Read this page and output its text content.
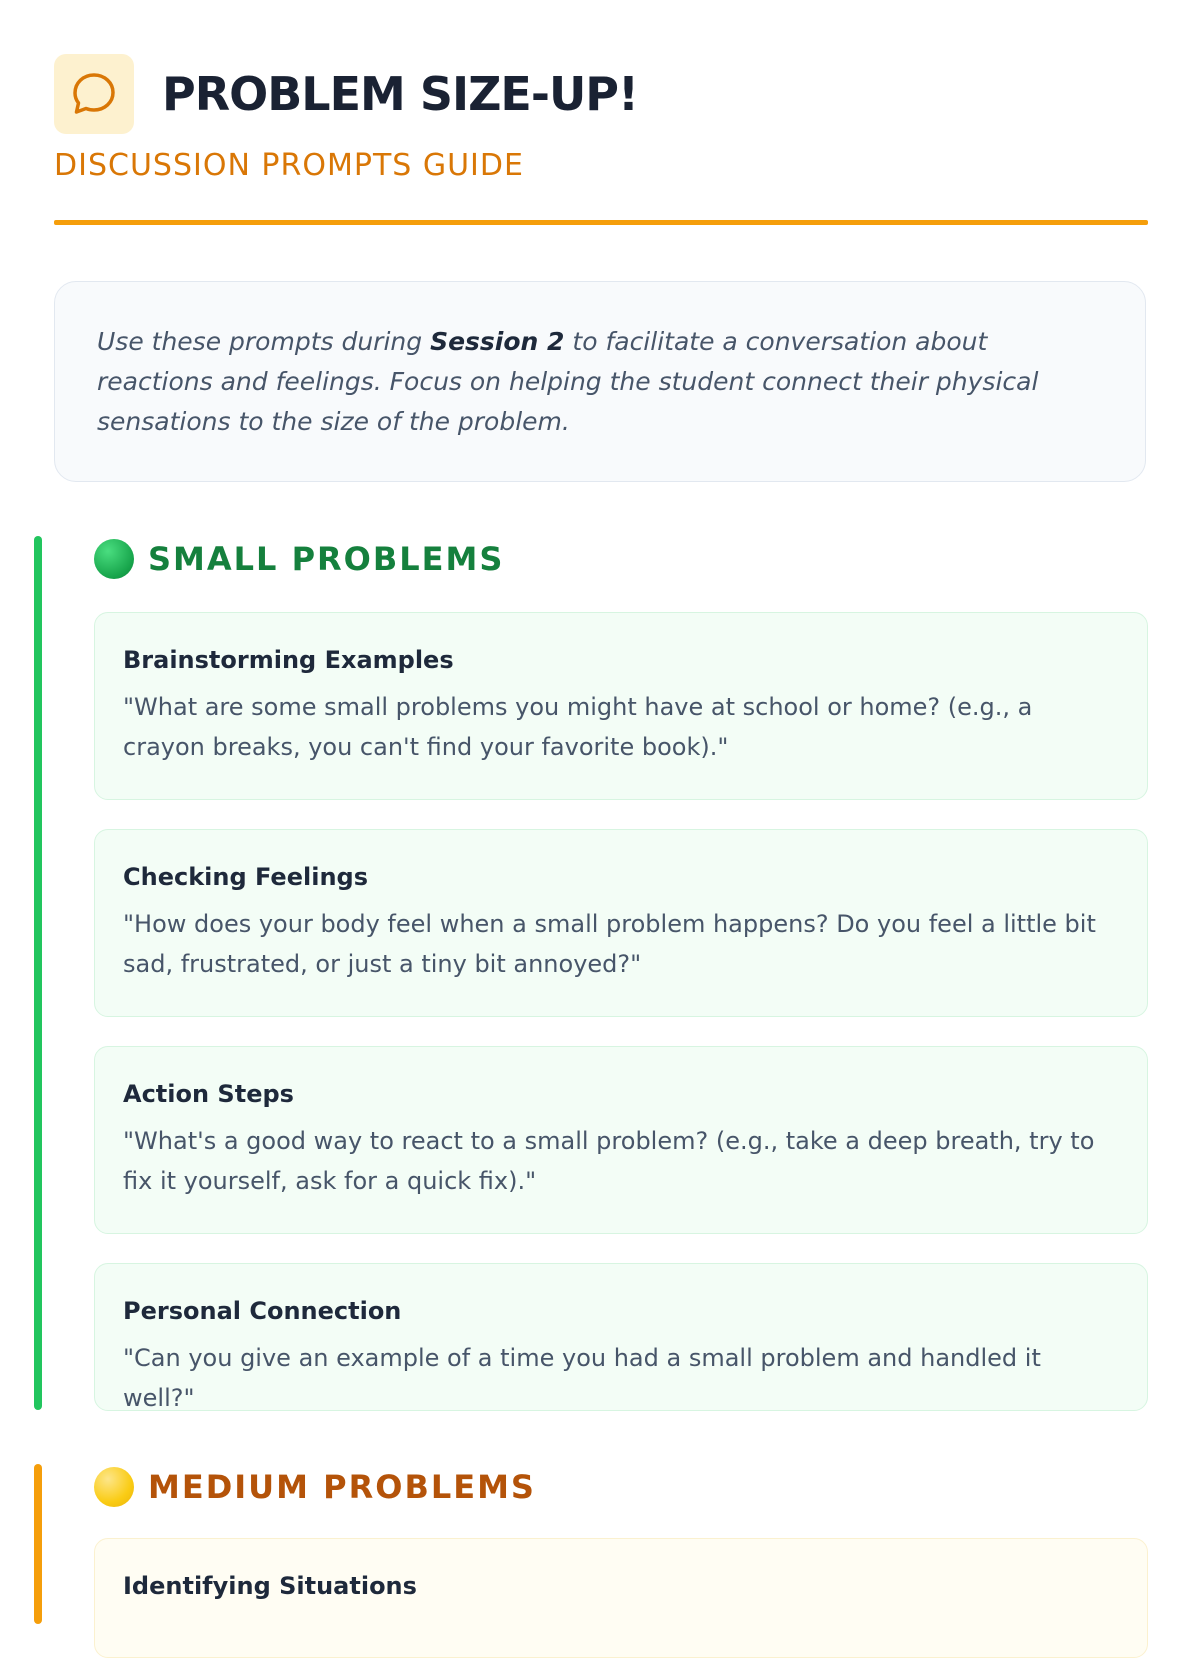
PROBLEM SIZE-UP!
DISCUSSION PROMPTS GUIDE
Use these prompts during Session 2 to facilitate a conversation about reactions and feelings. Focus on helping the student connect their physical sensations to the size of the problem.
SMALL PROBLEMS
Brainstorming Examples
"What are some small problems you might have at school or home? (e.g., a crayon breaks, you can't find your favorite book)."
Checking Feelings
"How does your body feel when a small problem happens? Do you feel a little bit sad, frustrated, or just a tiny bit annoyed?"
Action Steps
"What's a good way to react to a small problem? (e.g., take a deep breath, try to fix it yourself, ask for a quick fix)."
Personal Connection
"Can you give an example of a time you had a small problem and handled it well?"
MEDIUM PROBLEMS
Identifying Situations
